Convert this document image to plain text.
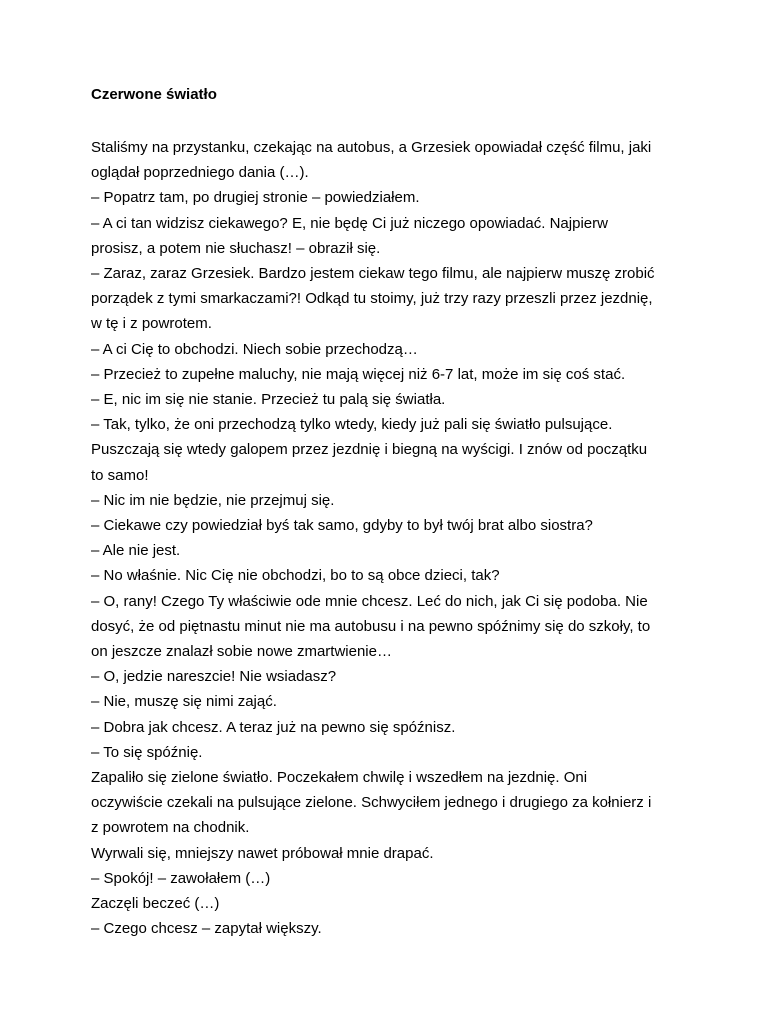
Czerwone światło

Staliśmy na przystanku, czekając na autobus, a Grzesiek opowiadał część filmu, jaki

oglądał poprzedniego dania (…).

– Popatrz tam, po drugiej stronie – powiedziałem.

– A ci tan widzisz ciekawego? E, nie będę Ci już niczego opowiadać. Najpierw

prosisz, a potem nie słuchasz! – obraził się.

– Zaraz, zaraz Grzesiek. Bardzo jestem ciekaw tego filmu, ale najpierw muszę zrobić

porządek z tymi smarkaczami?! Odkąd tu stoimy, już trzy razy przeszli przez jezdnię,

w tę i z powrotem.

– A ci Cię to obchodzi. Niech sobie przechodzą…

– Przecież to zupełne maluchy, nie mają więcej niż 6-7 lat, może im się coś stać.

– E, nic im się nie stanie. Przecież tu palą się światła.

– Tak, tylko, że oni przechodzą tylko wtedy, kiedy już pali się światło pulsujące.

Puszczają się wtedy galopem przez jezdnię i biegną na wyścigi. I znów od początku

to samo!

– Nic im nie będzie, nie przejmuj się.

– Ciekawe czy powiedział byś tak samo, gdyby to był twój brat albo siostra?

– Ale nie jest.

– No właśnie. Nic Cię nie obchodzi, bo to są obce dzieci, tak?

– O, rany! Czego Ty właściwie ode mnie chcesz. Leć do nich, jak Ci się podoba. Nie

dosyć, że od piętnastu minut nie ma autobusu i na pewno spóźnimy się do szkoły, to

on jeszcze znalazł sobie nowe zmartwienie…

– O, jedzie nareszcie! Nie wsiadasz?

– Nie, muszę się nimi zająć.

– Dobra jak chcesz. A teraz już na pewno się spóźnisz.

– To się spóźnię.

Zapaliło się zielone światło. Poczekałem chwilę i wszedłem na jezdnię. Oni

oczywiście czekali na pulsujące zielone. Schwyciłem jednego i drugiego za kołnierz i

z powrotem na chodnik.

Wyrwali się, mniejszy nawet próbował mnie drapać.

– Spokój! – zawołałem (…)

Zaczęli beczeć (…)

– Czego chcesz – zapytał większy.
